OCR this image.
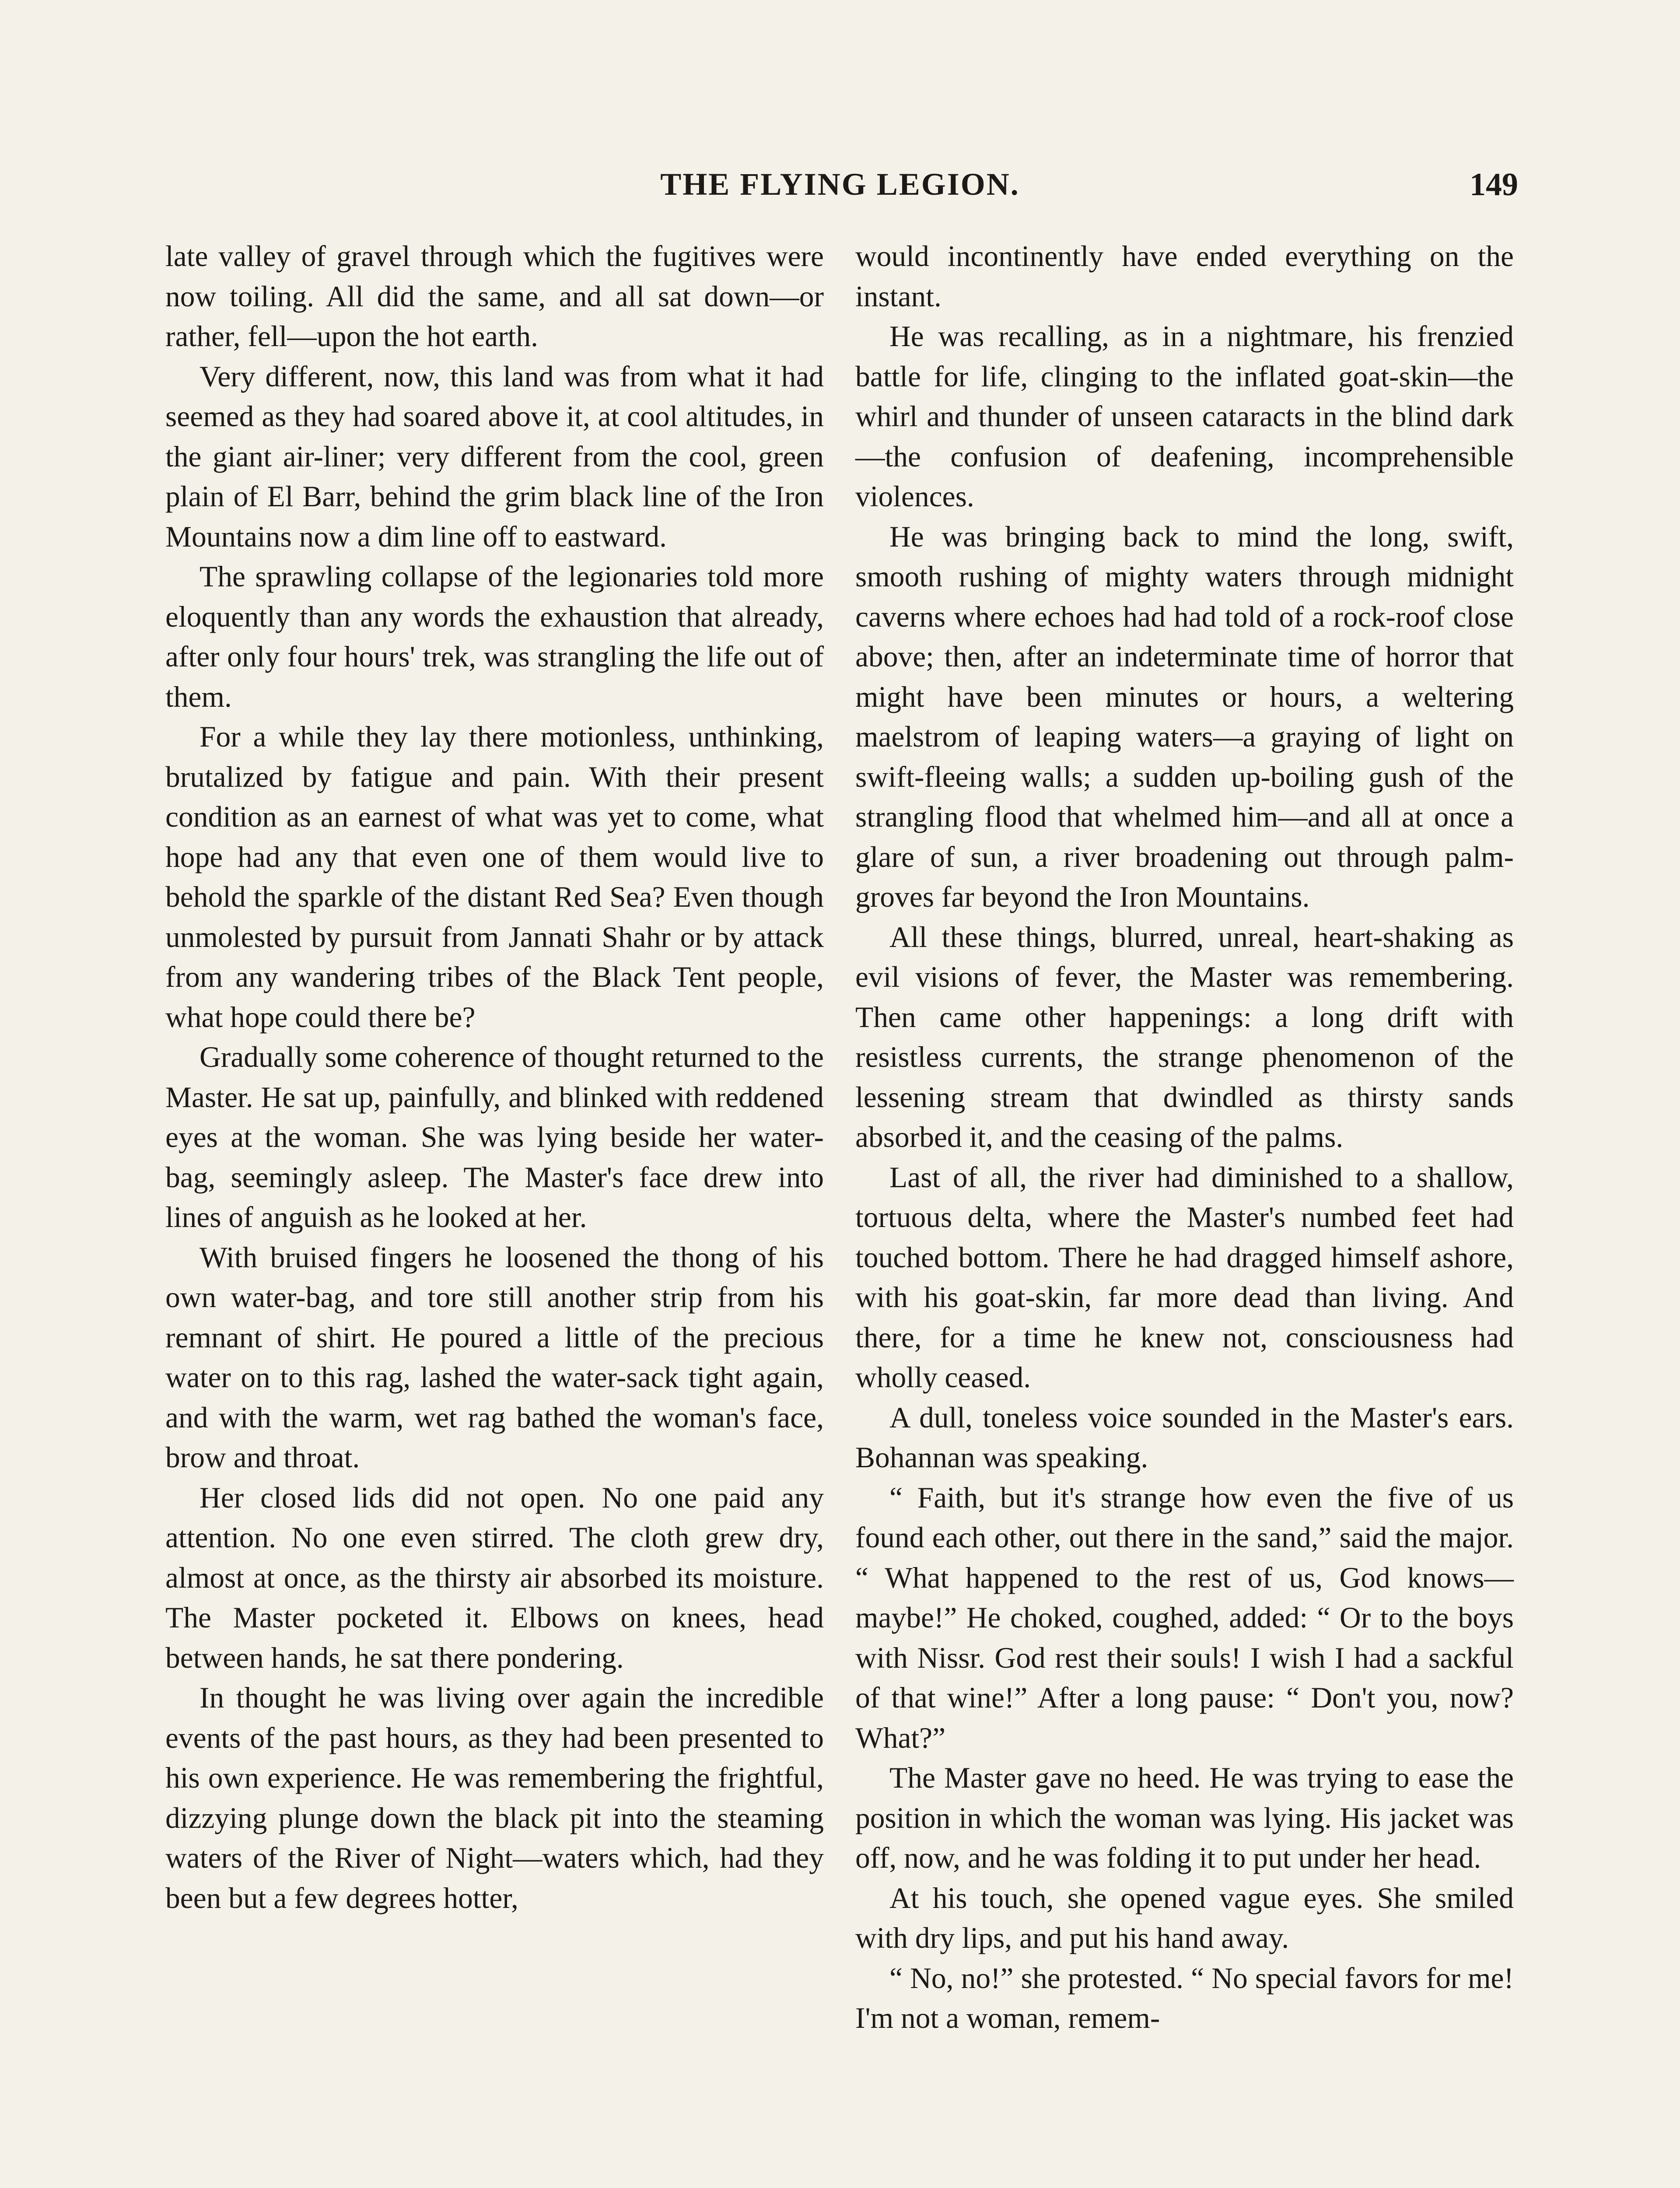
THE FLYING LEGION.	149

late valley of gravel through which the fugitives were now toiling. All did the same, and all sat down—or rather, fell—upon the hot earth.

Very different, now, this land was from what it had seemed as they had soared above it, at cool altitudes, in the giant air-liner; very different from the cool, green plain of El Barr, behind the grim black line of the Iron Mountains now a dim line off to eastward.

The sprawling collapse of the legionaries told more eloquently than any words the exhaustion that already, after only four hours' trek, was strangling the life out of them.

For a while they lay there motionless, unthinking, brutalized by fatigue and pain. With their present condition as an earnest of what was yet to come, what hope had any that even one of them would live to behold the sparkle of the distant Red Sea? Even though unmolested by pursuit from Jannati Shahr or by attack from any wandering tribes of the Black Tent people, what hope could there be?

Gradually some coherence of thought returned to the Master. He sat up, painfully, and blinked with reddened eyes at the woman. She was lying beside her water-bag, seemingly asleep. The Master's face drew into lines of anguish as he looked at her.

With bruised fingers he loosened the thong of his own water-bag, and tore still another strip from his remnant of shirt. He poured a little of the precious water on to this rag, lashed the water-sack tight again, and with the warm, wet rag bathed the woman's face, brow and throat.

Her closed lids did not open. No one paid any attention. No one even stirred. The cloth grew dry, almost at once, as the thirsty air absorbed its moisture. The Master pocketed it. Elbows on knees, head between hands, he sat there pondering.

In thought he was living over again the incredible events of the past hours, as they had been presented to his own experience. He was remembering the frightful, dizzying plunge down the black pit into the steaming waters of the River of Night—waters which, had they been but a few degrees hotter,

would incontinently have ended everything on the instant.

He was recalling, as in a nightmare, his frenzied battle for life, clinging to the inflated goat-skin—the whirl and thunder of unseen cataracts in the blind dark—the confusion of deafening, incomprehensible violences.

He was bringing back to mind the long, swift, smooth rushing of mighty waters through midnight caverns where echoes had had told of a rock-roof close above; then, after an indeterminate time of horror that might have been minutes or hours, a weltering maelstrom of leaping waters—a graying of light on swift-fleeing walls; a sudden up-boiling gush of the strangling flood that whelmed him—and all at once a glare of sun, a river broadening out through palm-groves far beyond the Iron Mountains.

All these things, blurred, unreal, heart-shaking as evil visions of fever, the Master was remembering. Then came other happenings: a long drift with resistless currents, the strange phenomenon of the lessening stream that dwindled as thirsty sands absorbed it, and the ceasing of the palms.

Last of all, the river had diminished to a shallow, tortuous delta, where the Master's numbed feet had touched bottom. There he had dragged himself ashore, with his goat-skin, far more dead than living. And there, for a time he knew not, consciousness had wholly ceased.

A dull, toneless voice sounded in the Master's ears. Bohannan was speaking.

“ Faith, but it's strange how even the five of us found each other, out there in the sand,” said the major. “ What happened to the rest of us, God knows—maybe!” He choked, coughed, added: “ Or to the boys with Nissr. God rest their souls! I wish I had a sackful of that wine!” After a long pause: “ Don't you, now? What?”

The Master gave no heed. He was trying to ease the position in which the woman was lying. His jacket was off, now, and he was folding it to put under her head.

At his touch, she opened vague eyes. She smiled with dry lips, and put his hand away.

“ No, no!” she protested. “ No special favors for me! I'm not a woman, remem-
